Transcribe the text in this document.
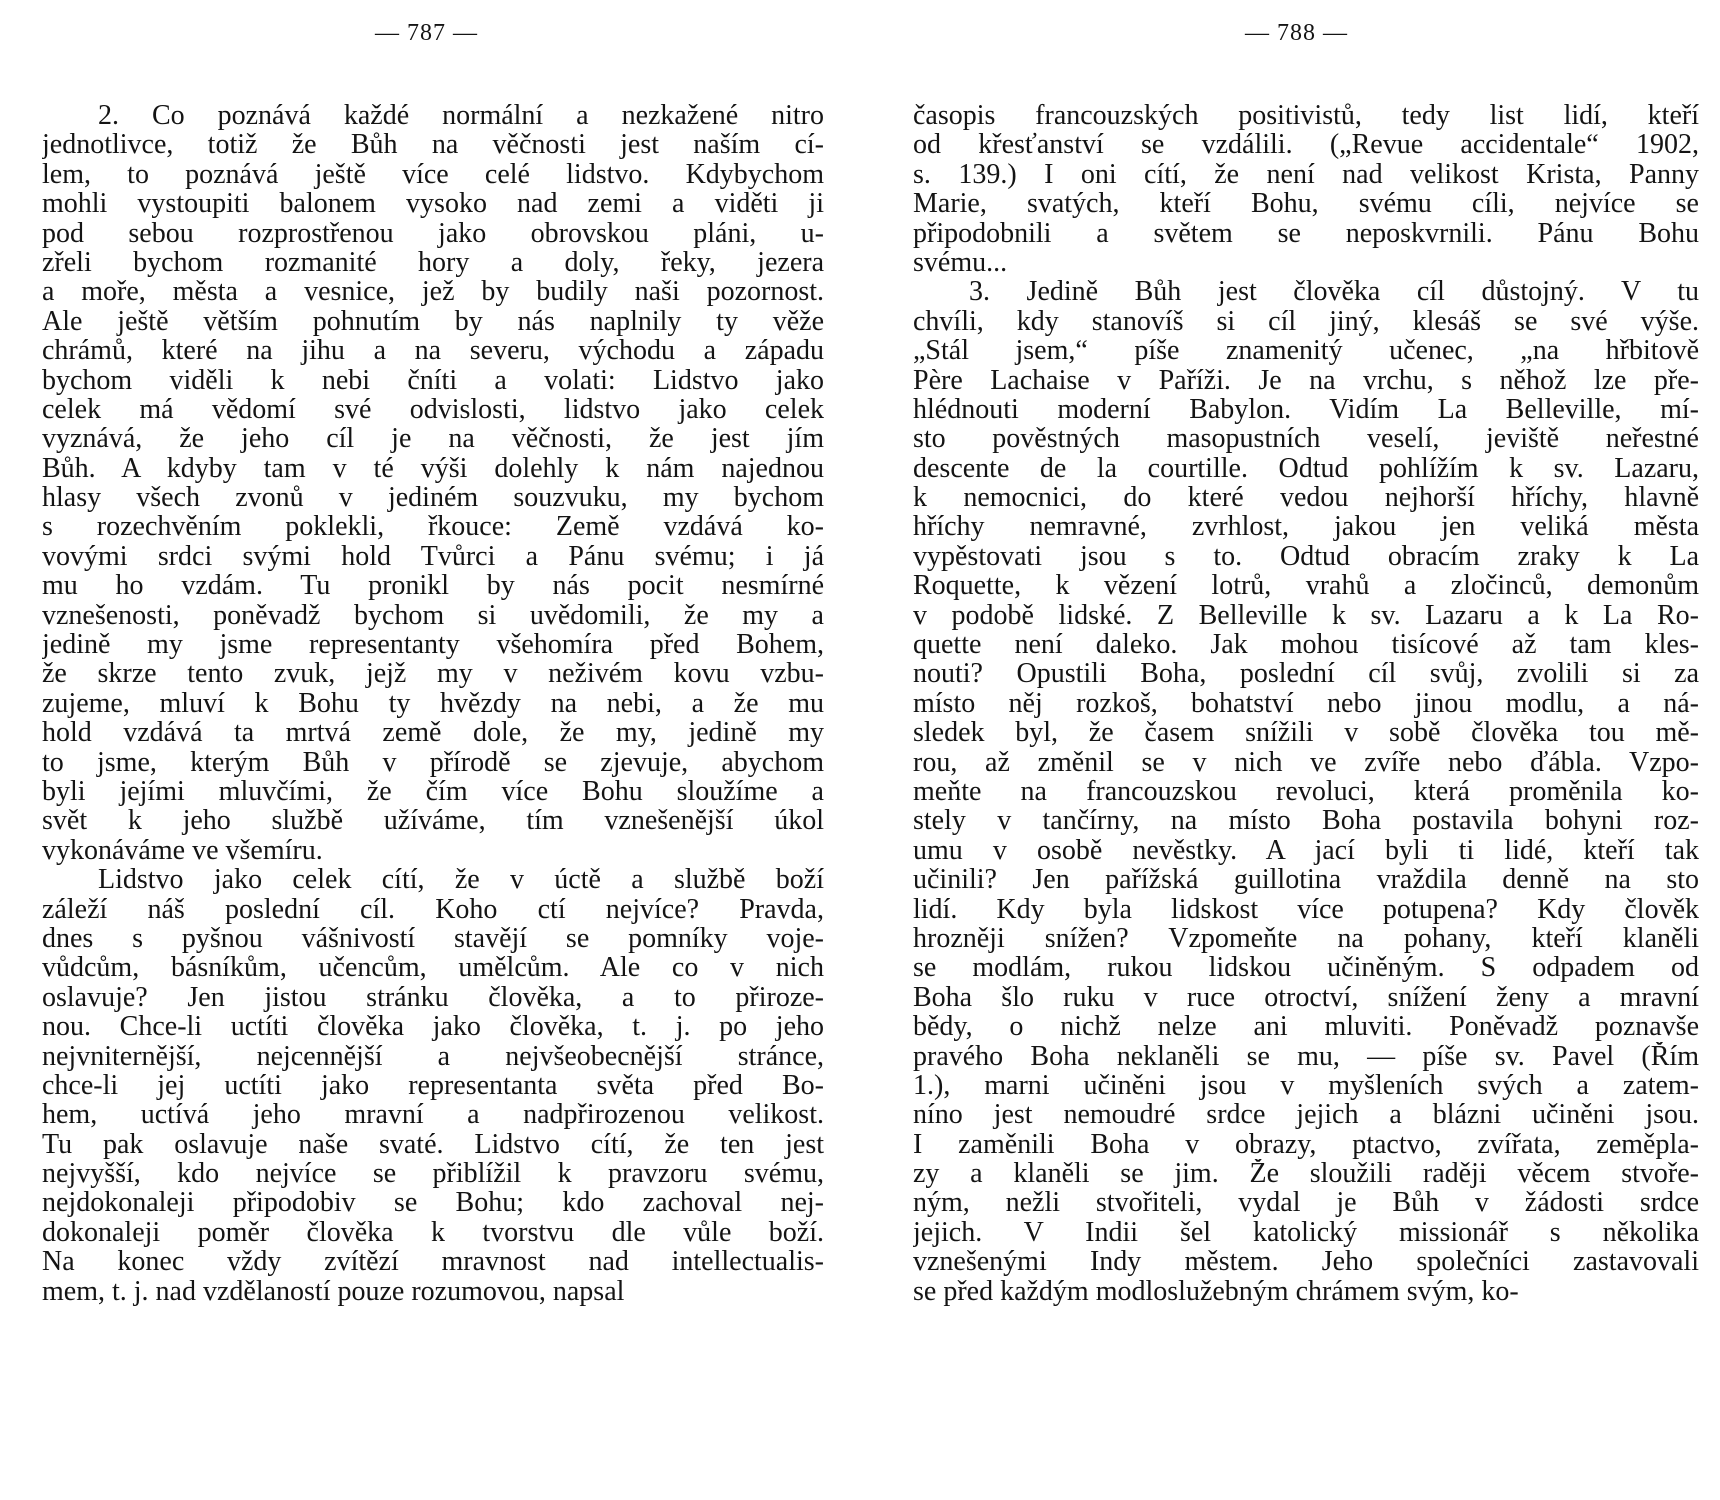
— 787 —
2. Co poznává každé normální a nezkažené nitro
jednotlivce, totiž že Bůh na věčnosti jest naším cí-
lem, to poznává ještě více celé lidstvo. Kdybychom
mohli vystoupiti balonem vysoko nad zemi a viděti ji
pod sebou rozprostřenou jako obrovskou pláni, u-
zřeli bychom rozmanité hory a doly, řeky, jezera
a moře, města a vesnice, jež by budily naši pozornost.
Ale ještě větším pohnutím by nás naplnily ty věže
chrámů, které na jihu a na severu, východu a západu
bychom viděli k nebi čníti a volati: Lidstvo jako
celek má vědomí své odvislosti, lidstvo jako celek
vyznává, že jeho cíl je na věčnosti, že jest jím
Bůh. A kdyby tam v té výši dolehly k nám najednou
hlasy všech zvonů v jediném souzvuku, my bychom
s rozechvěním poklekli, řkouce: Země vzdává ko-
vovými srdci svými hold Tvůrci a Pánu svému; i já
mu ho vzdám. Tu pronikl by nás pocit nesmírné
vznešenosti, poněvadž bychom si uvědomili, že my a
jedině my jsme representanty všehomíra před Bohem,
že skrze tento zvuk, jejž my v neživém kovu vzbu-
zujeme, mluví k Bohu ty hvězdy na nebi, a že mu
hold vzdává ta mrtvá země dole, že my, jedině my
to jsme, kterým Bůh v přírodě se zjevuje, abychom
byli jejími mluvčími, že čím více Bohu sloužíme a
svět k jeho službě užíváme, tím vznešenější úkol
vykonáváme ve všemíru.
Lidstvo jako celek cítí, že v úctě a službě boží
záleží náš poslední cíl. Koho ctí nejvíce? Pravda,
dnes s pyšnou vášnivostí stavějí se pomníky voje-
vůdcům, básníkům, učencům, umělcům. Ale co v nich
oslavuje? Jen jistou stránku člověka, a to přiroze-
nou. Chce-li uctíti člověka jako člověka, t. j. po jeho
nejvniternější, nejcennější a nejvšeobecnější stránce,
chce-li jej uctíti jako representanta světa před Bo-
hem, uctívá jeho mravní a nadpřirozenou velikost.
Tu pak oslavuje naše svaté. Lidstvo cítí, že ten jest
nejvyšší, kdo nejvíce se přiblížil k pravzoru svému,
nejdokonaleji připodobiv se Bohu; kdo zachoval nej-
dokonaleji poměr člověka k tvorstvu dle vůle boží.
Na konec vždy zvítězí mravnost nad intellectualis-
mem, t. j. nad vzdělaností pouze rozumovou, napsal
— 788 —
časopis francouzských positivistů, tedy list lidí, kteří
od křesťanství se vzdálili. („Revue accidentale“ 1902,
s. 139.) I oni cítí, že není nad velikost Krista, Panny
Marie, svatých, kteří Bohu, svému cíli, nejvíce se
připodobnili a světem se neposkvrnili. Pánu Bohu
svému...
3. Jedině Bůh jest člověka cíl důstojný. V tu
chvíli, kdy stanovíš si cíl jiný, klesáš se své výše.
„Stál jsem,“ píše znamenitý učenec, „na hřbitově
Père Lachaise v Paříži. Je na vrchu, s něhož lze pře-
hlédnouti moderní Babylon. Vidím La Belleville, mí-
sto pověstných masopustních veselí, jeviště neřestné
descente de la courtille. Odtud pohlížím k sv. Lazaru,
k nemocnici, do které vedou nejhorší hříchy, hlavně
hříchy nemravné, zvrhlost, jakou jen veliká města
vypěstovati jsou s to. Odtud obracím zraky k La
Roquette, k vězení lotrů, vrahů a zločinců, demonům
v podobě lidské. Z Belleville k sv. Lazaru a k La Ro-
quette není daleko. Jak mohou tisícové až tam kles-
nouti? Opustili Boha, poslední cíl svůj, zvolili si za
místo něj rozkoš, bohatství nebo jinou modlu, a ná-
sledek byl, že časem snížili v sobě člověka tou mě-
rou, až změnil se v nich ve zvíře nebo ďábla. Vzpo-
meňte na francouzskou revoluci, která proměnila ko-
stely v tančírny, na místo Boha postavila bohyni roz-
umu v osobě nevěstky. A jací byli ti lidé, kteří tak
učinili? Jen pařížská guillotina vraždila denně na sto
lidí. Kdy byla lidskost více potupena? Kdy člověk
hrozněji snížen? Vzpomeňte na pohany, kteří klaněli
se modlám, rukou lidskou učiněným. S odpadem od
Boha šlo ruku v ruce otroctví, snížení ženy a mravní
bědy, o nichž nelze ani mluviti. Poněvadž poznavše
pravého Boha neklaněli se mu, — píše sv. Pavel (Řím
1.), marni učiněni jsou v myšleních svých a zatem-
níno jest nemoudré srdce jejich a blázni učiněni jsou.
I zaměnili Boha v obrazy, ptactvo, zvířata, zeměpla-
zy a klaněli se jim. Že sloužili raději věcem stvoře-
ným, nežli stvořiteli, vydal je Bůh v žádosti srdce
jejich. V Indii šel katolický missionář s několika
vznešenými Indy městem. Jeho společníci zastavovali
se před každým modloslužebným chrámem svým, ko-
